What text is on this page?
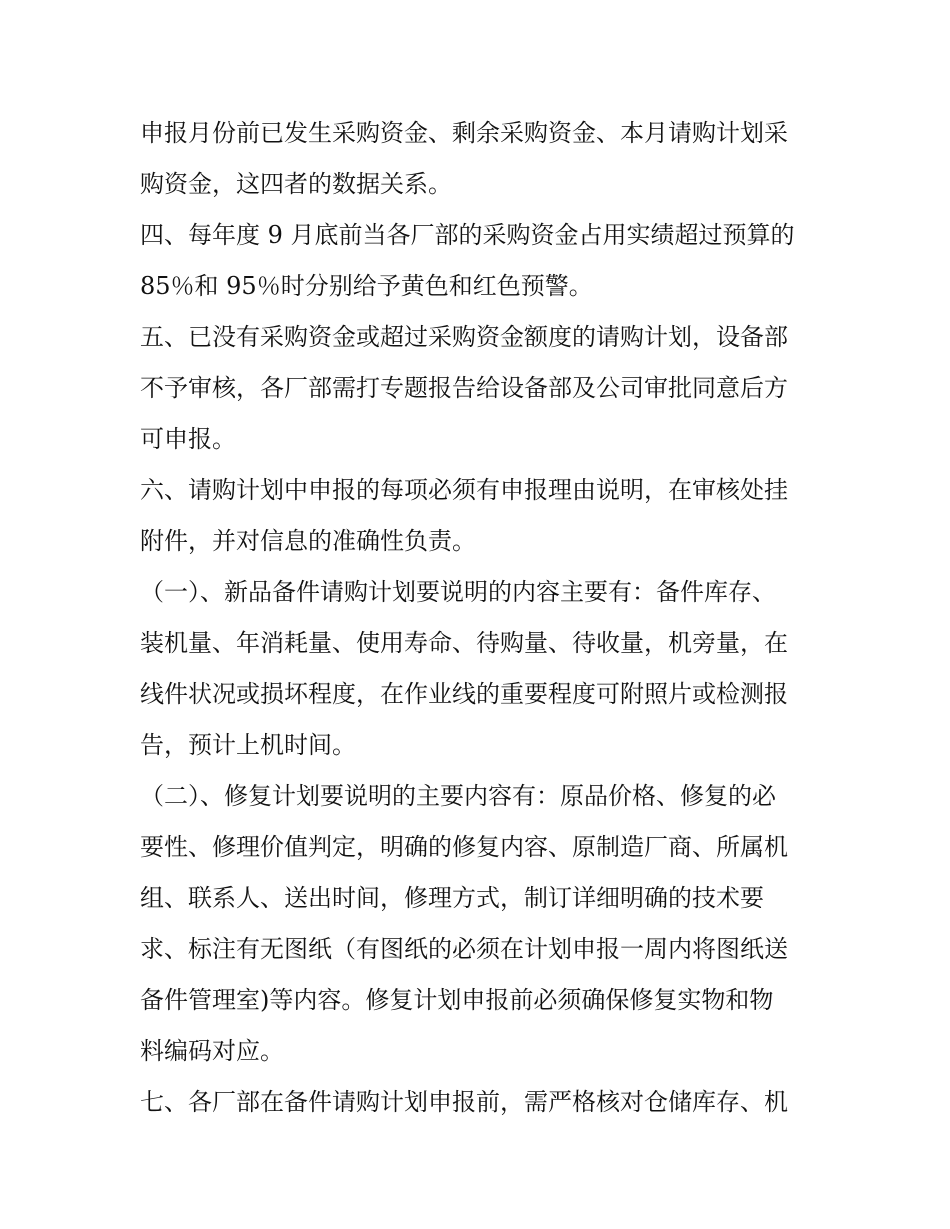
申报月份前已发生采购资金、剩余采购资金、本月请购计划采
购资金，这四者的数据关系。
四、每年度 9 月底前当各厂部的采购资金占用实绩超过预算的
85％和 95％时分别给予黄色和红色预警。
五、已没有采购资金或超过采购资金额度的请购计划，设备部
不予审核，各厂部需打专题报告给设备部及公司审批同意后方
可申报。
六、请购计划中申报的每项必须有申报理由说明，在审核处挂
附件，并对信息的准确性负责。
（一）、新品备件请购计划要说明的内容主要有：备件库存、
装机量、年消耗量、使用寿命、待购量、待收量，机旁量，在
线件状况或损坏程度，在作业线的重要程度可附照片或检测报
告，预计上机时间。
（二）、修复计划要说明的主要内容有：原品价格、修复的必
要性、修理价值判定，明确的修复内容、原制造厂商、所属机
组、联系人、送出时间，修理方式，制订详细明确的技术要
求、标注有无图纸（有图纸的必须在计划申报一周内将图纸送
备件管理室)等内容。修复计划申报前必须确保修复实物和物
料编码对应。
七、各厂部在备件请购计划申报前，需严格核对仓储库存、机
